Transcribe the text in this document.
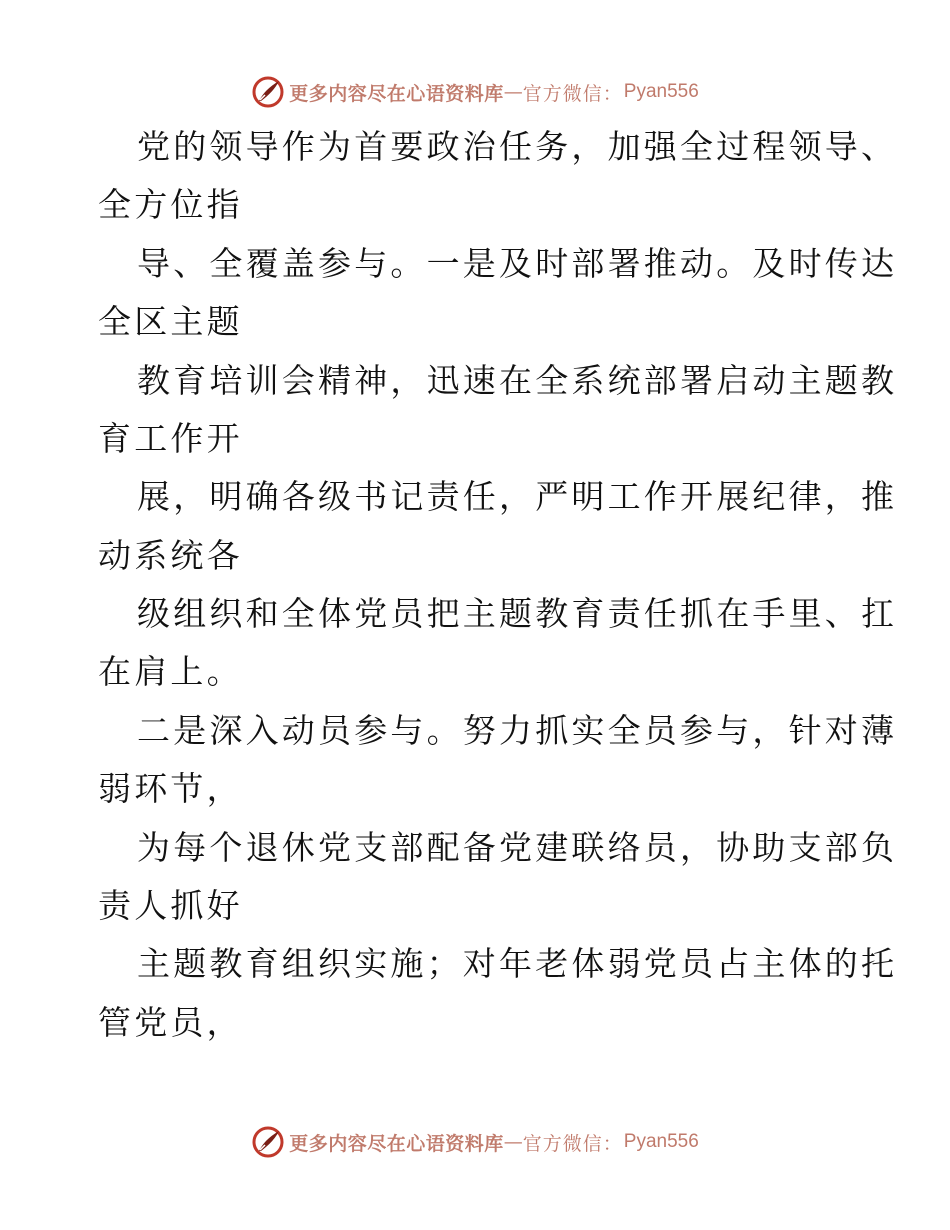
更多内容尽在心语资料库 — 官方微信 ： Pyan556
党的领导作为首要政治任务，加强全过程领导、
全方位指
导、全覆盖参与。一是及时部署推动。及时传达
全区主题
教育培训会精神，迅速在全系统部署启动主题教
育工作开
展，明确各级书记责任，严明工作开展纪律，推
动系统各
级组织和全体党员把主题教育责任抓在手里、扛
在肩上。
二是深入动员参与。努力抓实全员参与，针对薄
弱环节，
为每个退休党支部配备党建联络员，协助支部负
责人抓好
主题教育组织实施；对年老体弱党员占主体的托
管党员，
更多内容尽在心语资料库 — 官方微信 ： Pyan556
